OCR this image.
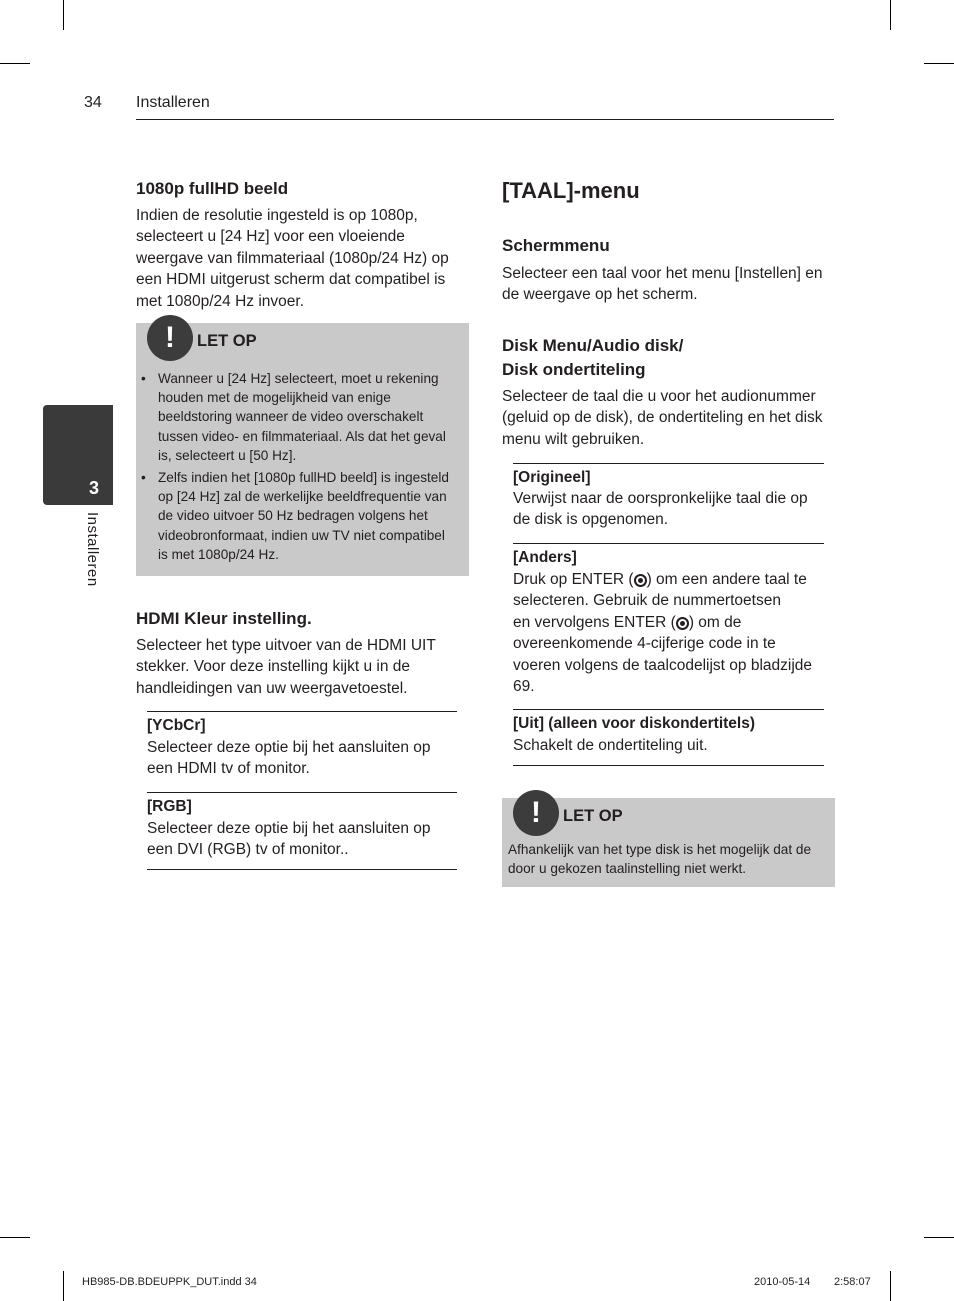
34 Installeren
3
Installeren
1080p fullHD beeld
Indien de resolutie ingesteld is op 1080p,
selecteert u [24 Hz] voor een vloeiende
weergave van filmmateriaal (1080p/24 Hz) op
een HDMI uitgerust scherm dat compatibel is
met 1080p/24 Hz invoer.
!	LET OP
• Wanneer u [24 Hz] selecteert, moet u rekening
houden met de mogelijkheid van enige
beeldstoring wanneer de video overschakelt
tussen video- en filmmateriaal. Als dat het geval
is, selecteert u [50 Hz].
• Zelfs indien het [1080p fullHD beeld] is ingesteld
op [24 Hz] zal de werkelijke beeldfrequentie van
de video uitvoer 50 Hz bedragen volgens het
videobronformaat, indien uw TV niet compatibel
is met 1080p/24 Hz.
HDMI Kleur instelling.
Selecteer het type uitvoer van de HDMI UIT
stekker. Voor deze instelling kijkt u in de
handleidingen van uw weergavetoestel.
[YCbCr]
Selecteer deze optie bij het aansluiten op
een HDMI tv of monitor.
[RGB]
Selecteer deze optie bij het aansluiten op
een DVI (RGB) tv of monitor..
[TAAL]-menu
Schermmenu
Selecteer een taal voor het menu [Instellen] en
de weergave op het scherm.
Disk Menu/Audio disk/
Disk ondertiteling
Selecteer de taal die u voor het audionummer
(geluid op de disk), de ondertiteling en het disk
menu wilt gebruiken.
[Origineel]
Verwijst naar de oorspronkelijke taal die op
de disk is opgenomen.
[Anders]
Druk op ENTER ( ) om een andere taal te
selecteren. Gebruik de nummertoetsen
en vervolgens ENTER ( ) om de
overeenkomende 4-cijferige code in te
voeren volgens de taalcodelijst op bladzijde
69.
[Uit] (alleen voor diskondertitels)
Schakelt de ondertiteling uit.
!	LET OP
Afhankelijk van het type disk is het mogelijk dat de
door u gekozen taalinstelling niet werkt.
HB985-DB.BDEUPPK_DUT.indd 34	2010-05-14 2:58:07
